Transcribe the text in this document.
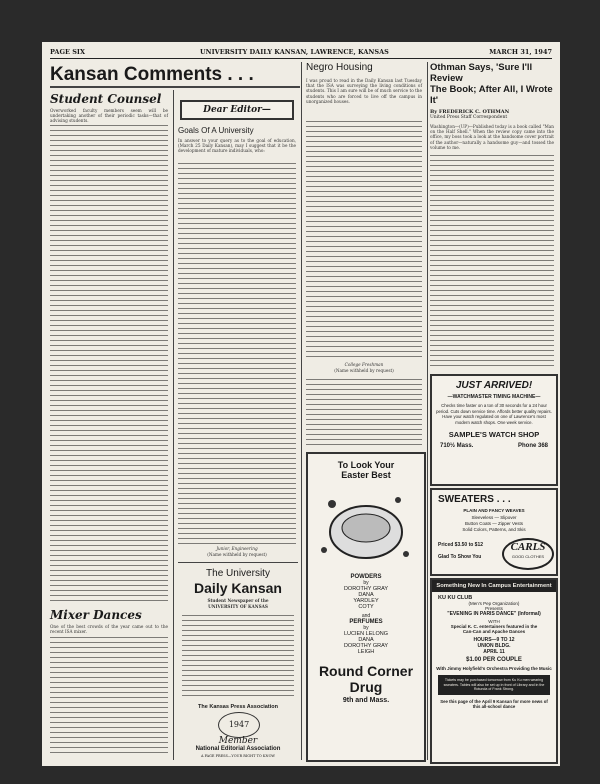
PAGE SIX	UNIVERSITY DAILY KANSAN, LAWRENCE, KANSAS	MARCH 31, 1947
Kansan Comments . . .
Student Counsel
Overworked faculty members seem will be undertaking another of their periodic tasks—that of advising students.
Mixer Dances
One of the best crowds of the year came out to the recent ISA mixer.
Dear Editor—
Goals Of A University
In answer to your query as to the goal of education, (March 25 Daily Kansan), may I suggest that it be the development of mature individuals, who:
Junior, Engineering
(Name withheld by request)
The University
Daily Kansan
Student Newspaper of the
UNIVERSITY OF KANSAS
The Kansas Press Association
1947
Member
National Editorial Association
A PAGE PRESS—YOUR RIGHT TO KNOW
Negro Housing
I was proud to read in the Daily Kansan last Tuesday that the ISA was surveying the living conditions of students. This I am sure will be of much service to the students who are forced to live off the campus in unorganized houses.
College Freshman
(Name withheld by request)
To Look Your
Easter Best
POWDERS
by
DOROTHY GRAY
DANA
YARDLEY
COTY
and
PERFUMES
by
LUCIEN LELONG
DANA
DOROTHY GRAY
LEIGH
Round Corner Drug
9th and Mass.
Othman Says, 'Sure I'll Review
The Book; After All, I Wrote It'
By FREDERICK C. OTHMAN
United Press Staff Correspondent
Washington—(UP)—Published today is a book called "Man on the Half Shell." When the review copy came into the office, my boss took a look at the handsome cover portrait of the author—naturally a handsome guy—and tossed the volume to me.
JUST ARRIVED!
—WATCHMASTER TIMING MACHINE—
Checks time faster on a ton of 30 seconds for a 24 hour period. Cuts down service time. Affords better quality repairs. Have your watch regulated on one of Lawrence's most modern watch shops. One week service.
SAMPLE'S WATCH SHOP
710½ Mass.	Phone 368
SWEATERS . . .
PLAIN AND FANCY WEAVES
Sleeveless — Slipover
Button Coats — Zipper Vests
Solid Colors, Patterns, and Skis
Priced $3.50 to $12
Glad To Show You
CARLS
GOOD CLOTHES
Something New In Campus Entertainment
KU KU CLUB
(Men's Pep Organization)
Presents
"EVENING IN PARIS DANCE" (Informal)
WITH
Special K. C. entertainers featured in the
Can-Can and Apache Dances
HOURS—9 TO 12
UNION BLDG.
APRIL 11
$1.00 PER COUPLE
With Jimmy Holyfield's Orchestra Providing the Music
Tickets may be purchased tomorrow from Ku Ku men wearing sweaters. Tables will also be set up in front of Library and in the Rotunda of Frank Strong.
See this page of the April 9 Kansan for more news of this all-school dance
